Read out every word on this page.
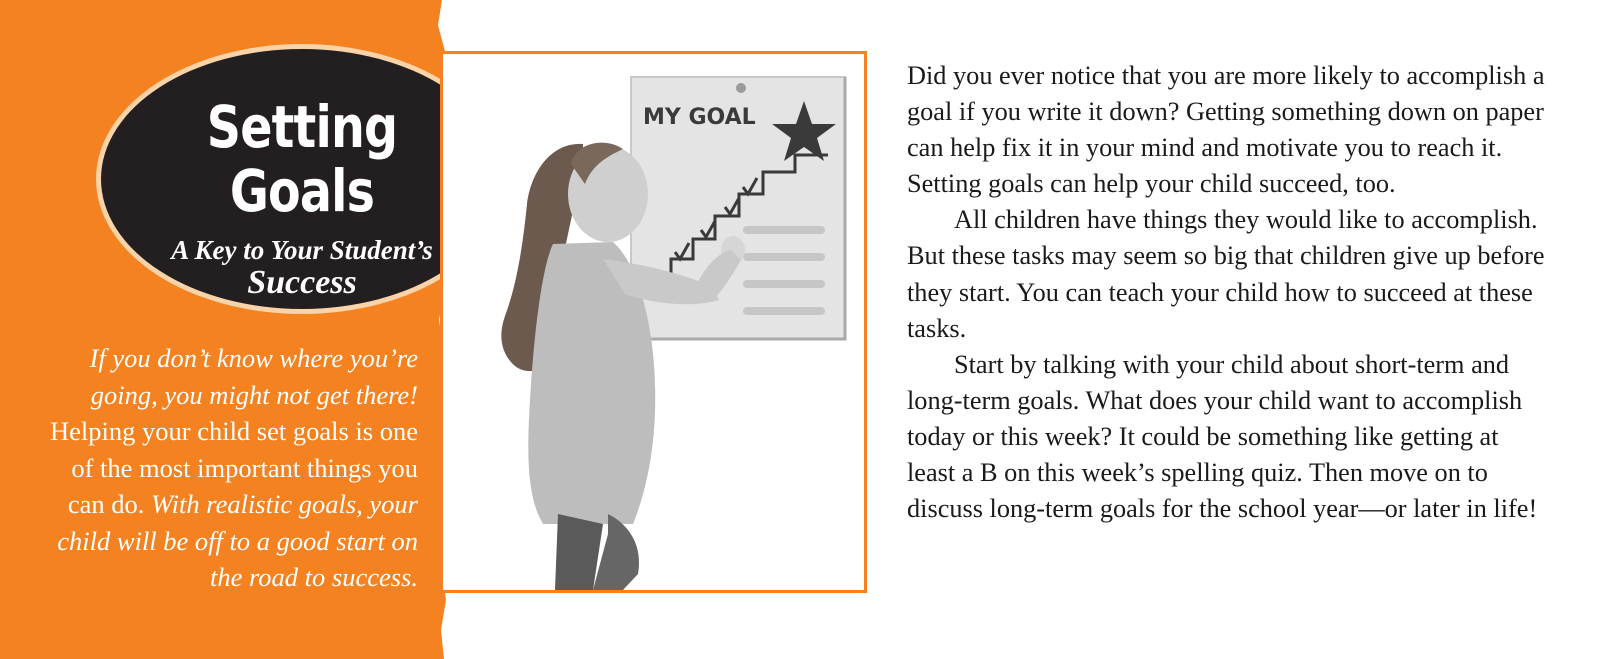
Setting Goals
A Key to Your Student’s
Success
If you don’t know where you’re going, you might not get there! Helping your child set goals is one of the most important things you can do. With realistic goals, your child will be off to a good start on the road to success.
MY GOAL

Did you ever notice that you are more likely to accomplish a goal if you write it down? Getting something down on paper can help fix it in your mind and motivate you to reach it. Setting goals can help your child succeed, too.

All children have things they would like to accomplish. But these tasks may seem so big that children give up before they start. You can teach your child how to succeed at these tasks.

Start by talking with your child about short-term and long-term goals. What does your child want to accomplish today or this week? It could be something like getting at least a B on this week’s spelling quiz. Then move on to discuss long-term goals for the school year—or later in life!
